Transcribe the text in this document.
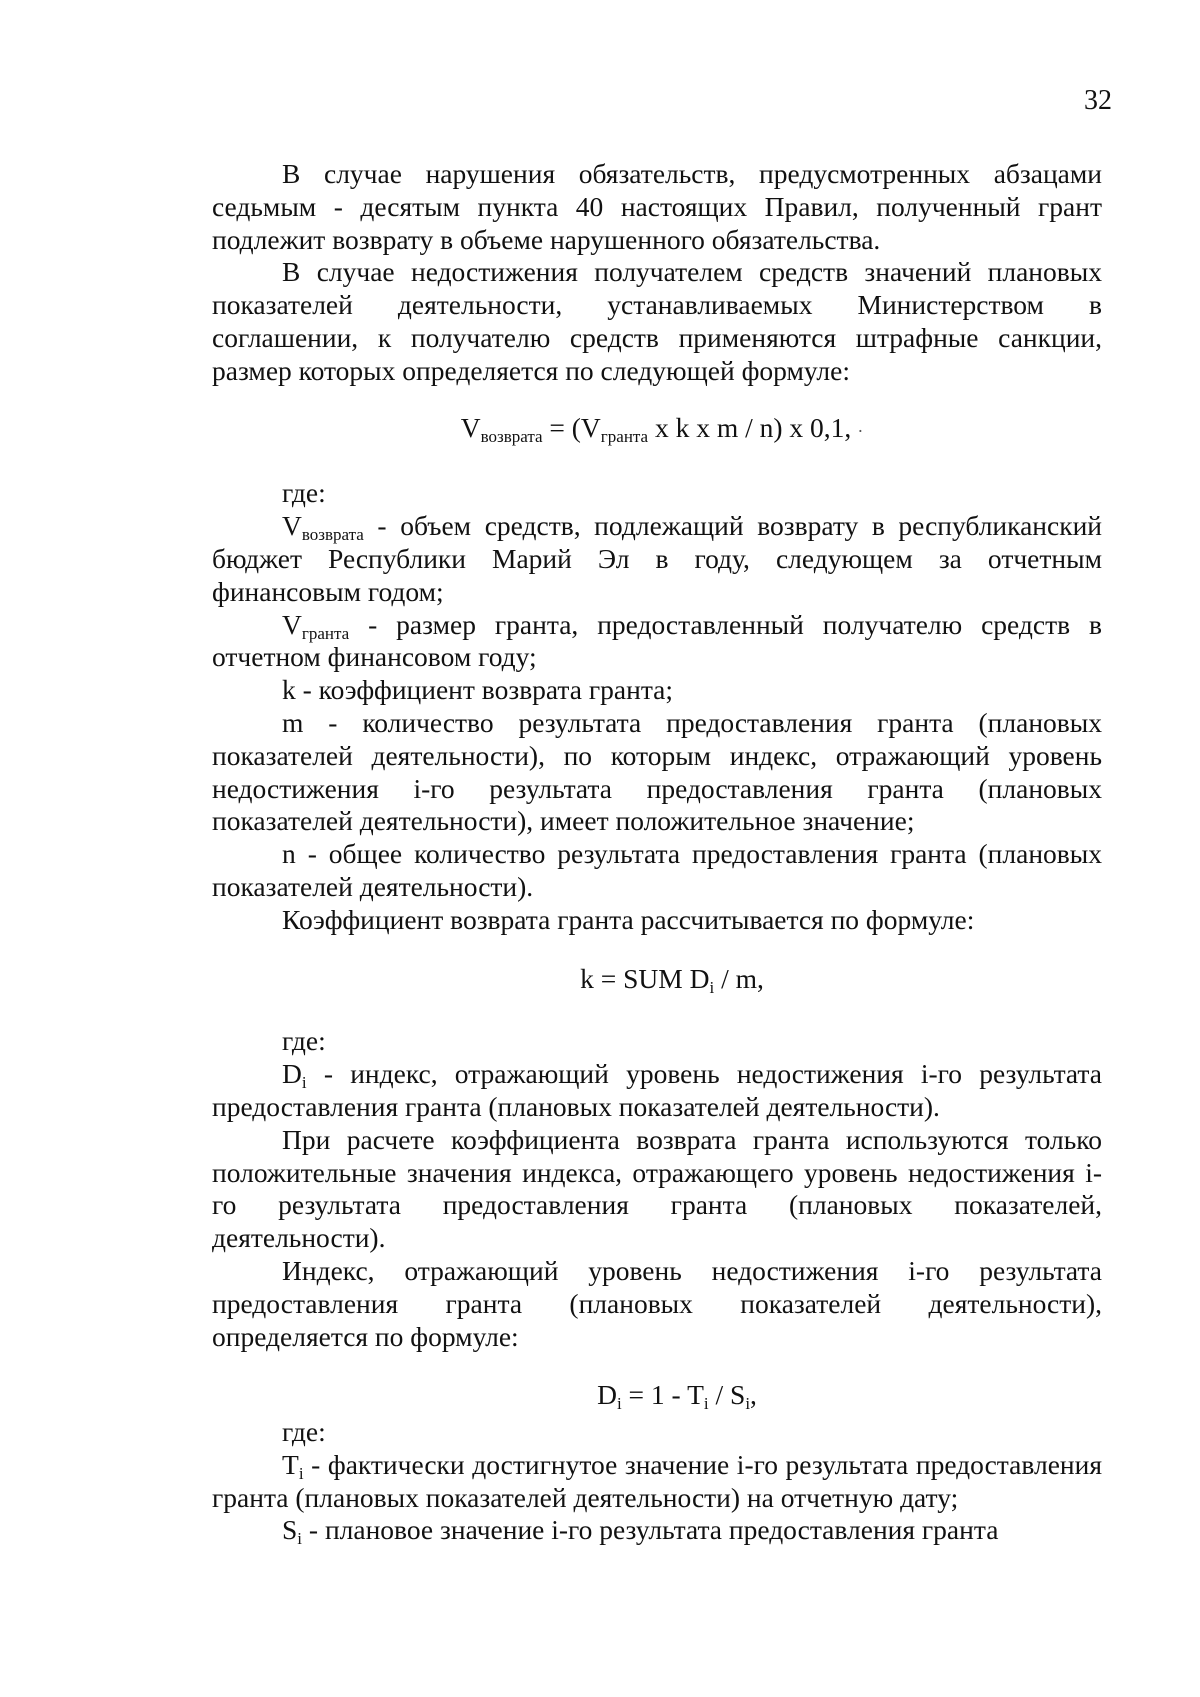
32

В случае нарушения обязательств, предусмотренных абзацами седьмым - десятым пункта 40 настоящих Правил, полученный грант подлежит возврату в объеме нарушенного обязательства.

В случае недостижения получателем средств значений плановых показателей деятельности, устанавливаемых Министерством в соглашении, к получателю средств применяются штрафные санкции, размер которых определяется по следующей формуле:

$V_{возврата} = (V_{гранта}$ x k x m / n) x 0,1, ·

где:

$V_{возврата}$ - объем средств, подлежащий возврату в республиканский бюджет Республики Марий Эл в году, следующем за отчетным финансовым годом;

$V_{гранта}$ - размер гранта, предоставленный получателю средств в отчетном финансовом году;

k - коэффициент возврата гранта;

m - количество результата предоставления гранта (плановых показателей деятельности), по которым индекс, отражающий уровень недостижения i-го результата предоставления гранта (плановых показателей деятельности), имеет положительное значение;

n - общее количество результата предоставления гранта (плановых показателей деятельности).

Коэффициент возврата гранта рассчитывается по формуле:

k = SUM $D_i$ / m,

где:

$D_i$ - индекс, отражающий уровень недостижения i-го результата предоставления гранта (плановых показателей деятельности).

При расчете коэффициента возврата гранта используются только положительные значения индекса, отражающего уровень недостижения i-го результата предоставления гранта (плановых показателей, деятельности).

Индекс, отражающий уровень недостижения i-го результата предоставления гранта (плановых показателей деятельности), определяется по формуле:

$D_i = 1 - T_i / S_i$,

где:

$T_i$ - фактически достигнутое значение i-го результата предоставления гранта (плановых показателей деятельности) на отчетную дату;

$S_i$ - плановое значение i-го результата предоставления гранта
